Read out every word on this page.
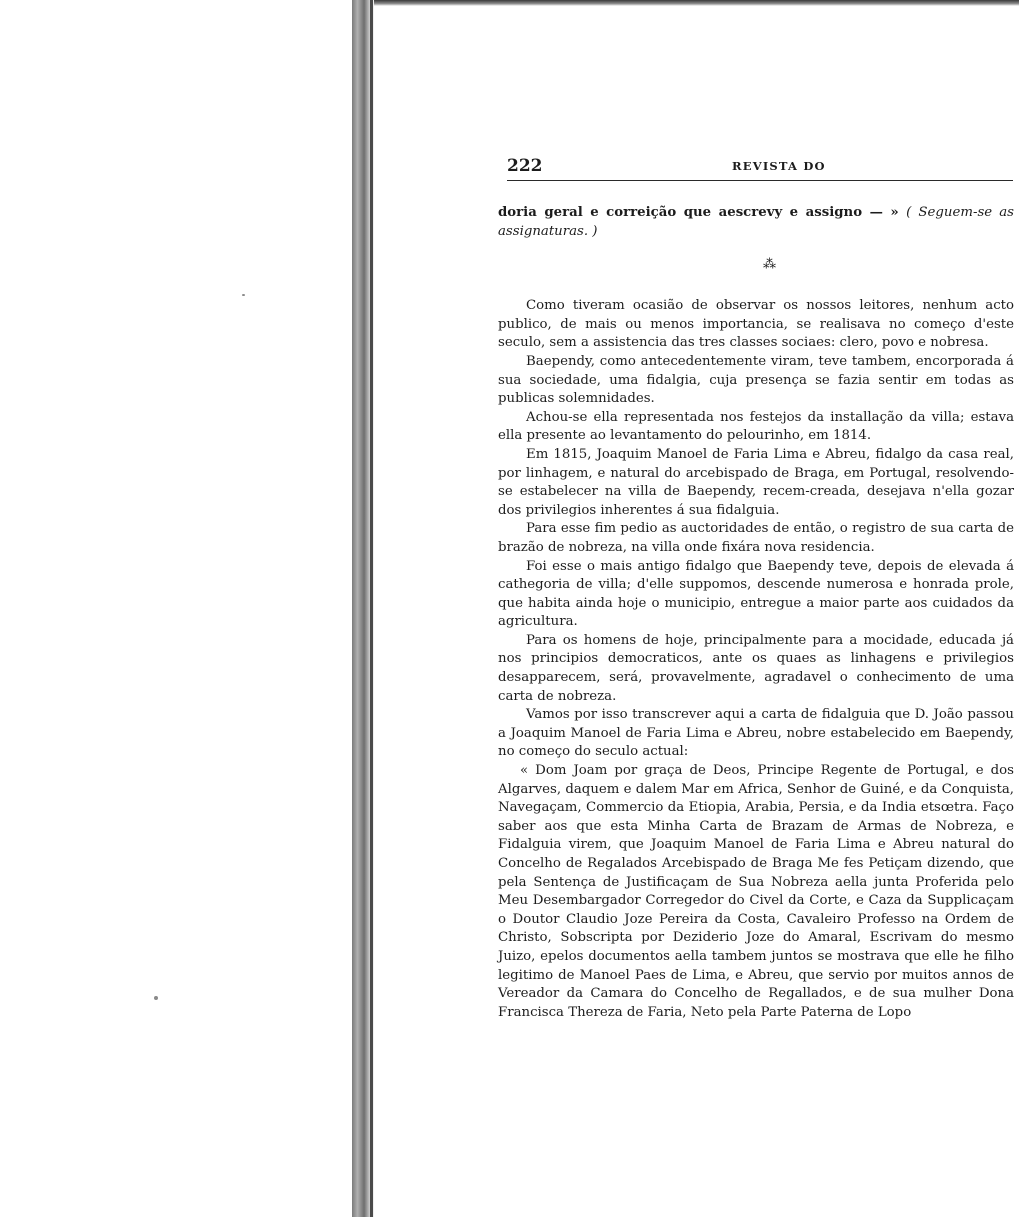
222	REVISTA DO

doria geral e correição que aescrevy e assigno — » ( Seguem-se as assignaturas. )

⁂

Como tiveram ocasião de observar os nossos leitores, nenhum acto publico, de mais ou menos importancia, se realisava no começo d'este seculo, sem a assistencia das tres classes sociaes: clero, povo e nobresa.

Baependy, como antecedentemente viram, teve tambem, encorporada á sua sociedade, uma fidalgia, cuja presença se fazia sentir em todas as publicas solemnidades.

Achou-se ella representada nos festejos da installação da villa; estava ella presente ao levantamento do pelourinho, em 1814.

Em 1815, Joaquim Manoel de Faria Lima e Abreu, fidalgo da casa real, por linhagem, e natural do arcebispado de Braga, em Portugal, resolvendo-se estabelecer na villa de Baependy, recem-creada, desejava n'ella gozar dos privilegios inherentes á sua fidalguia.

Para esse fim pedio as auctoridades de então, o registro de sua carta de brazão de nobreza, na villa onde fixára nova residencia.

Foi esse o mais antigo fidalgo que Baependy teve, depois de elevada á cathegoria de villa; d'elle suppomos, descende numerosa e honrada prole, que habita ainda hoje o municipio, entregue a maior parte aos cuidados da agricultura.

Para os homens de hoje, principalmente para a mocidade, educada já nos principios democraticos, ante os quaes as linhagens e privilegios desapparecem, será, provavelmente, agradavel o conhecimento de uma carta de nobreza.

Vamos por isso transcrever aqui a carta de fidalguia que D. João passou a Joaquim Manoel de Faria Lima e Abreu, nobre estabelecido em Baependy, no começo do seculo actual:

« Dom Joam por graça de Deos, Principe Regente de Portugal, e dos Algarves, daquem e dalem Mar em Africa, Senhor de Guiné, e da Conquista, Navegaçam, Commercio da Etiopia, Arabia, Persia, e da India etsœtra. Faço saber aos que esta Minha Carta de Brazam de Armas de Nobreza, e Fidalguia virem, que Joaquim Manoel de Faria Lima e Abreu natural do Concelho de Regalados Arcebispado de Braga Me fes Petiçam dizendo, que pela Sentença de Justificaçam de Sua Nobreza aella junta Proferida pelo Meu Desembargador Corregedor do Civel da Corte, e Caza da Supplicaçam o Doutor Claudio Joze Pereira da Costa, Cavaleiro Professo na Ordem de Christo, Sobscripta por Deziderio Joze do Amaral, Escrivam do mesmo Juizo, epelos documentos aella tambem juntos se mostrava que elle he filho legitimo de Manoel Paes de Lima, e Abreu, que servio por muitos annos de Vereador da Camara do Concelho de Regallados, e de sua mulher Dona Francisca Thereza de Faria, Neto pela Parte Paterna de Lopo
